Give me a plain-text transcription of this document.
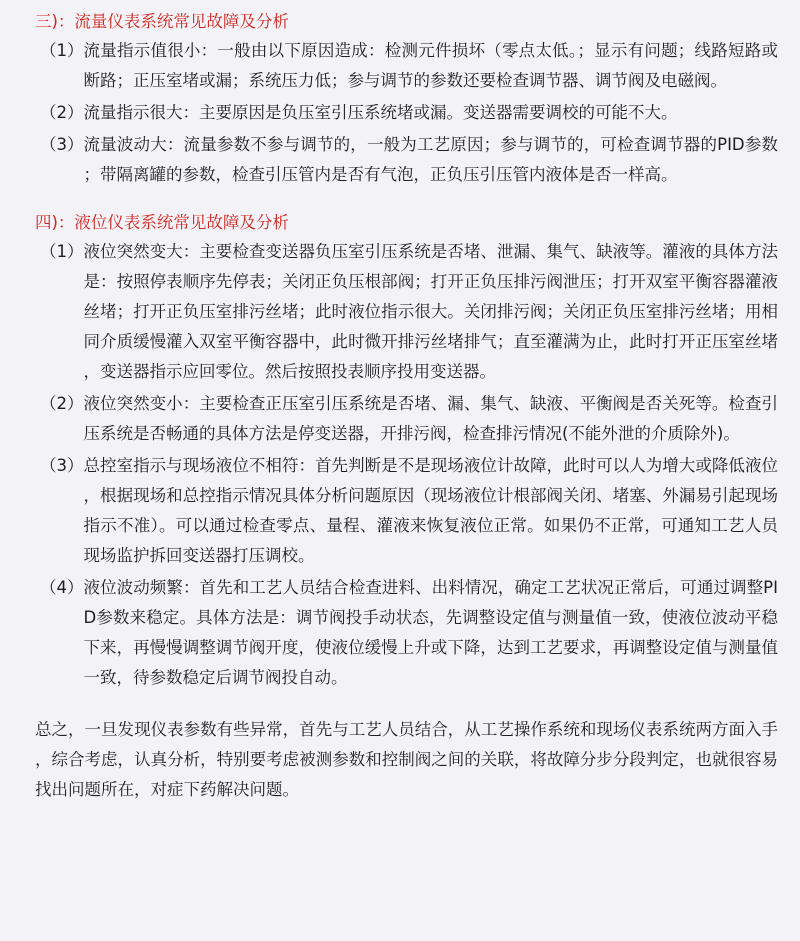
三)：流量仪表系统常见故障及分析
（1） 流量指示值很小：一般由以下原因造成：检测元件损坏（零点太低。；显示有问题；线路短路或断路；正压室堵或漏；系统压力低；参与调节的参数还要检查调节器、调节阀及电磁阀。
（2） 流量指示很大：主要原因是负压室引压系统堵或漏。变送器需要调校的可能不大。
（3） 流量波动大：流量参数不参与调节的，一般为工艺原因；参与调节的，可检查调节器的PID参数；带隔离罐的参数，检查引压管内是否有气泡，正负压引压管内液体是否一样高。
四)：液位仪表系统常见故障及分析
（1） 液位突然变大：主要检查变送器负压室引压系统是否堵、泄漏、集气、缺液等。灌液的具体方法是：按照停表顺序先停表；关闭正负压根部阀；打开正负压排污阀泄压；打开双室平衡容器灌液丝堵；打开正负压室排污丝堵；此时液位指示很大。关闭排污阀；关闭正负压室排污丝堵；用相同介质缓慢灌入双室平衡容器中，此时微开排污丝堵排气；直至灌满为止，此时打开正压室丝堵，变送器指示应回零位。然后按照投表顺序投用变送器。
（2） 液位突然变小：主要检查正压室引压系统是否堵、漏、集气、缺液、平衡阀是否关死等。检查引压系统是否畅通的具体方法是停变送器，开排污阀，检查排污情况(不能外泄的介质除外)。
（3） 总控室指示与现场液位不相符：首先判断是不是现场液位计故障，此时可以人为增大或降低液位，根据现场和总控指示情况具体分析问题原因（现场液位计根部阀关闭、堵塞、外漏易引起现场指示不准）。可以通过检查零点、量程、灌液来恢复液位正常。如果仍不正常，可通知工艺人员现场监护拆回变送器打压调校。
（4） 液位波动频繁：首先和工艺人员结合检查进料、出料情况，确定工艺状况正常后，可通过调整PID参数来稳定。具体方法是：调节阀投手动状态，先调整设定值与测量值一致，使液位波动平稳下来，再慢慢调整调节阀开度，使液位缓慢上升或下降，达到工艺要求，再调整设定值与测量值一致，待参数稳定后调节阀投自动。

总之，一旦发现仪表参数有些异常，首先与工艺人员结合，从工艺操作系统和现场仪表系统两方面入手，综合考虑，认真分析，特别要考虑被测参数和控制阀之间的关联，将故障分步分段判定，也就很容易找出问题所在，对症下药解决问题。
